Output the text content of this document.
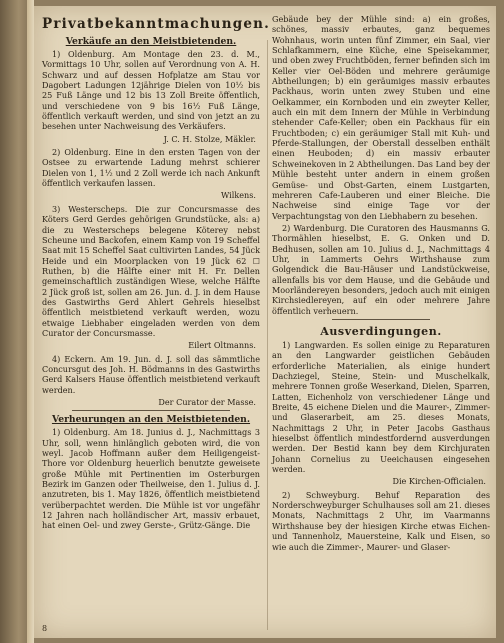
Privatbekanntmachungen.
Verkäufe an den Meistbietenden.

1) Oldenburg. Am Montage den 23. d. M., Vormittags 10 Uhr, sollen auf Verordnung von A. H. Schwarz und auf dessen Hofplatze am Stau vor Dagobert Ladungen 12jährige Dielen von 10½ bis 25 Fuß Länge und 12 bis 13 Zoll Breite öffentlich, und verschiedene von 9 bis 16½ Fuß Länge, öffentlich verkauft werden, und sind von jetzt an zu besehen unter Nachweisung des Verkäufers.

J. C. H. Stolze, Mäkler.

2) Oldenburg. Eine in den ersten Tagen von der Ostsee zu erwartende Ladung mehrst schierer Dielen von 1, 1½ und 2 Zoll werde ich nach Ankunft öffentlich verkaufen lassen.

Wilkens.

3) Westerscheps. Die zur Concursmasse des Köters Gerd Gerdes gehörigen Grundstücke, als: a) die zu Westerscheps belegene Köterey nebst Scheune und Backofen, einem Kamp von 19 Scheffel Saat mit 15 Scheffel Saat cultivirten Landes, 54 Jück Heide und ein Moorplacken von 19 Jück 62 ☐ Ruthen, b) die Hälfte einer mit H. Fr. Dellen gemeinschaftlich zuständigen Wiese, welche Hälfte 2 Jück groß ist, sollen am 26. Jun. d. J. in dem Hause des Gastwirths Gerd Ahlert Gehrels hieselbst öffentlich meistbietend verkauft werden, wozu etwaige Liebhaber eingeladen werden von dem Curator der Concursmasse.

Eilert Oltmanns.

4) Eckern. Am 19. Jun. d. J. soll das sämmtliche Concursgut des Joh. H. Bödmanns in des Gastwirths Gerd Kalsers Hause öffentlich meistbietend verkauft werden.

Der Curator der Masse.

Verheurungen an den Meistbietenden.

1) Oldenburg. Am 18. Junius d. J., Nachmittags 3 Uhr, soll, wenn hinlänglich geboten wird, die von weyl. Jacob Hoffmann außer dem Heiligengeist-Thore vor Oldenburg heuerlich benutzte geweisete große Mühle mit Pertinentien im Osterburgen Bezirk im Ganzen oder Theilweise, den 1. Julius d. J. anzutreten, bis 1. May 1826, öffentlich meistbietend verüberpachtet werden. Die Mühle ist vor ungefähr 12 Jahren nach holländischer Art, massiv erbauet, hat einen Oel- und zwey Gerste-, Grütz-Gänge. Die

Gebäude bey der Mühle sind: a) ein großes, schönes, massiv erbautes, ganz bequemes Wohnhaus, worin unten fünf Zimmer, ein Saal, vier Schlafkammern, eine Küche, eine Speisekammer, und oben zwey Fruchtböden, ferner befinden sich im Keller vier Oel-Böden und mehrere geräumige Abtheilungen; b) ein geräumiges massiv erbautes Packhaus, worin unten zwey Stuben und eine Oelkammer, ein Kornboden und ein zweyter Keller, auch ein mit dem Innern der Mühle in Verbindung stehender Cafe-Keller; oben ein Packhaus für ein Fruchtboden; c) ein geräumiger Stall mit Kuh- und Pferde-Stallungen, der Oberstall desselben enthält einen Heuboden; d) ein massiv erbauter Schweinekoven in 2 Abtheilungen. Das Land bey der Mühle besteht unter andern in einem großen Gemüse- und Obst-Garten, einem Lustgarten, mehreren Cafe-Lauberen und einer Bleiche. Die Nachweise sind einige Tage vor der Verpachtungstag von den Liebhabern zu besehen.

2) Wardenburg. Die Curatoren des Hausmanns G. Thormählen hieselbst, E. G. Onken und D. Bedhusen, sollen am 10. Julius d. J., Nachmittags 4 Uhr, in Lammerts Oehrs Wirthshause zum Golgendick die Bau-Häuser und Landstückweise, allenfalls bis vor dem Hause, und die Gebäude und Moorländereyen besonders, jedoch auch mit einigen Kirchsiedlereyen, auf ein oder mehrere Jahre öffentlich verheuern.

Ausverdingungen.

1) Langwarden. Es sollen einige zu Reparaturen an den Langwarder geistlichen Gebäuden erforderliche Materialien, als einige hundert Dachziegel, Steine, Stein- und Muschelkalk, mehrere Tonnen große Weserkand, Dielen, Sparren, Latten, Eichenholz von verschiedener Länge und Breite, 45 eichene Dielen und die Maurer-, Zimmer- und Glaserarbeit, am 25. dieses Monats, Nachmittags 2 Uhr, in Peter Jacobs Gasthaus hieselbst öffentlich mindestfordernd ausverdungen werden. Der Bestid kann bey dem Kirchjuraten Johann Cornelius zu Ueeichausen eingesehen werden.

Die Kirchen-Officialen.

2) Schweyburg. Behuf Reparation des Norderschweyburger Schulhauses soll am 21. dieses Monats, Nachmittags 2 Uhr, im Vaarmanns Wirthshause bey der hiesigen Kirche etwas Eichen- und Tannenholz, Mauersteine, Kalk und Eisen, so wie auch die Zimmer-, Maurer- und Glaser-

8
